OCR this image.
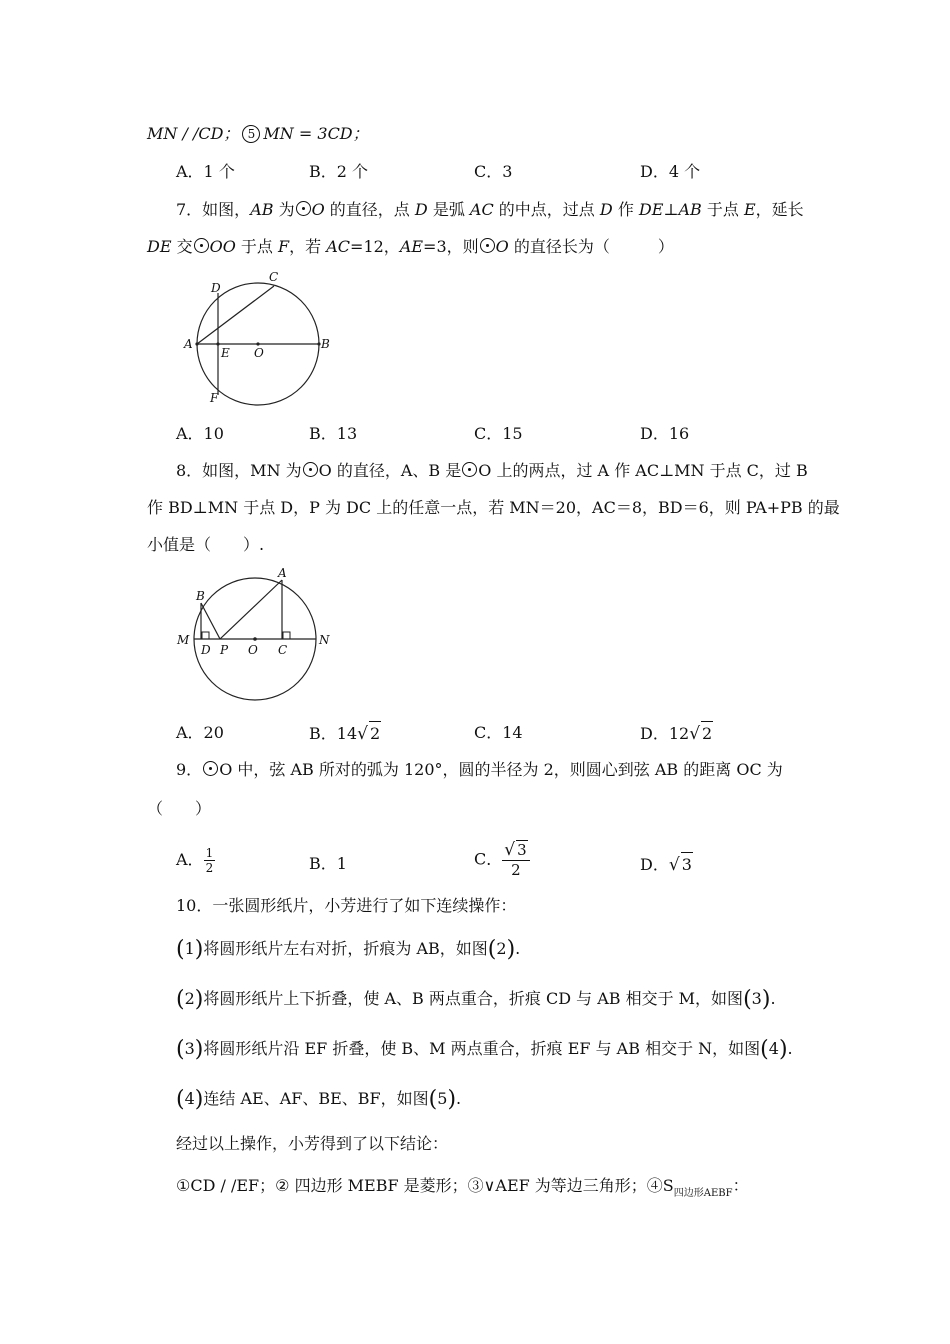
MN / /CD； 5 MN = 3CD；
A．1 个	B．2 个	C．3	D．4 个
7．如图，AB 为 O 的直径，点 D 是弧 AC 的中点，过点 D 作 DE⊥AB 于点 E，延长
DE 交 OO 于点 F，若 AC=12，AE=3，则 O 的直径长为（　　　）
A	B
C
D
E O
F
A．10	B．13	C．15	D．16
8．如图，MN 为 O 的直径，A、B 是 O 上的两点，过 A 作 AC⊥MN 于点 C，过 B
作 BD⊥MN 于点 D，P 为 DC 上的任意一点，若 MN＝20，AC＝8，BD＝6，则 PA+PB 的最
小值是（　　）.
B
A
M
D P O C
N
A．20	B．14√ 2	C．14	D．12√ 2
9． O 中，弦 AB 所对的弧为 120°，圆的半径为 2，则圆心到弦 AB 的距离 OC 为
（　　）
A． $\frac{1}{2}$	B．1	C． $\frac{√ 3}{2}$	D．√ 3
10．一张圆形纸片，小芳进行了如下连续操作：
(1)将圆形纸片左右对折，折痕为 AB，如图(2).
(2)将圆形纸片上下折叠，使 A、B 两点重合，折痕 CD 与 AB 相交于 M，如图(3).
(3)将圆形纸片沿 EF 折叠，使 B、M 两点重合，折痕 EF 与 AB 相交于 N，如图(4).
(4)连结 AE、AF、BE、BF，如图(5).
经过以上操作，小芳得到了以下结论：
①CD / /EF；② 四边形 MEBF 是菱形；③∨AEF 为等边三角形；$④S_{四边形AEBF}$：
